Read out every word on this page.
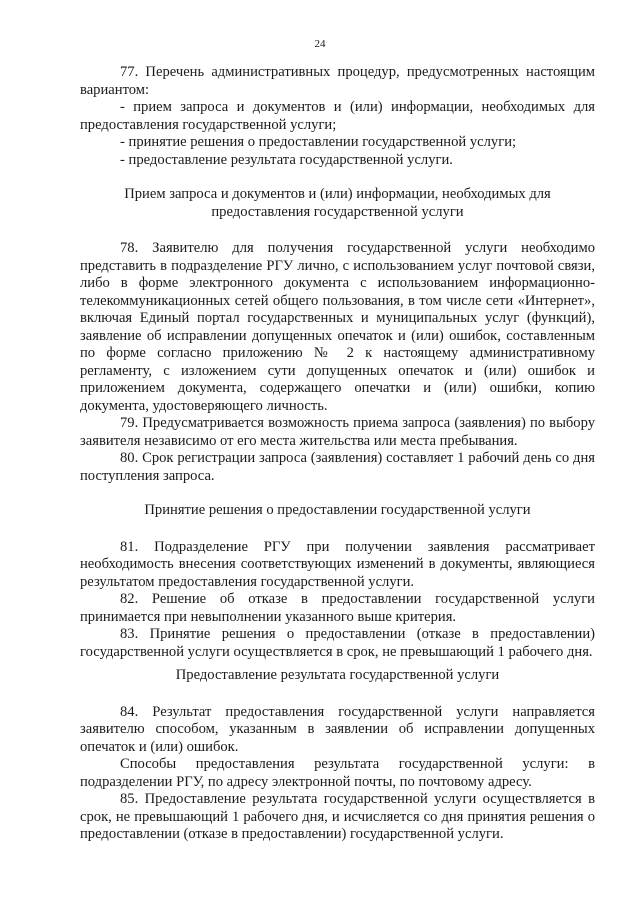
24

77. Перечень административных процедур, предусмотренных настоящим вариантом:

- прием запроса и документов и (или) информации, необходимых для предоставления государственной услуги;

- принятие решения о предоставлении государственной услуги;

- предоставление результата государственной услуги.

Прием запроса и документов и (или) информации, необходимых для предоставления государственной услуги

78. Заявителю для получения государственной услуги необходимо представить в подразделение РГУ лично, с использованием услуг почтовой связи, либо в форме электронного документа с использованием информационно-телекоммуникационных сетей общего пользования, в том числе сети «Интернет», включая Единый портал государственных и муниципальных услуг (функций), заявление об исправлении допущенных опечаток и (или) ошибок, составленным по форме согласно приложению № 2 к настоящему административному регламенту, с изложением сути допущенных опечаток и (или) ошибок и приложением документа, содержащего опечатки и (или) ошибки, копию документа, удостоверяющего личность.

79. Предусматривается возможность приема запроса (заявления) по выбору заявителя независимо от его места жительства или места пребывания.

80. Срок регистрации запроса (заявления) составляет 1 рабочий день со дня поступления запроса.

Принятие решения о предоставлении государственной услуги

81. Подразделение РГУ при получении заявления рассматривает необходимость внесения соответствующих изменений в документы, являющиеся результатом предоставления государственной услуги.

82. Решение об отказе в предоставлении государственной услуги принимается при невыполнении указанного выше критерия.

83. Принятие решения о предоставлении (отказе в предоставлении) государственной услуги осуществляется в срок, не превышающий 1 рабочего дня.

Предоставление результата государственной услуги

84. Результат предоставления государственной услуги направляется заявителю способом, указанным в заявлении об исправлении допущенных опечаток и (или) ошибок.

Способы предоставления результата государственной услуги: в подразделении РГУ, по адресу электронной почты, по почтовому адресу.

85. Предоставление результата государственной услуги осуществляется в срок, не превышающий 1 рабочего дня, и исчисляется со дня принятия решения о предоставлении (отказе в предоставлении) государственной услуги.
